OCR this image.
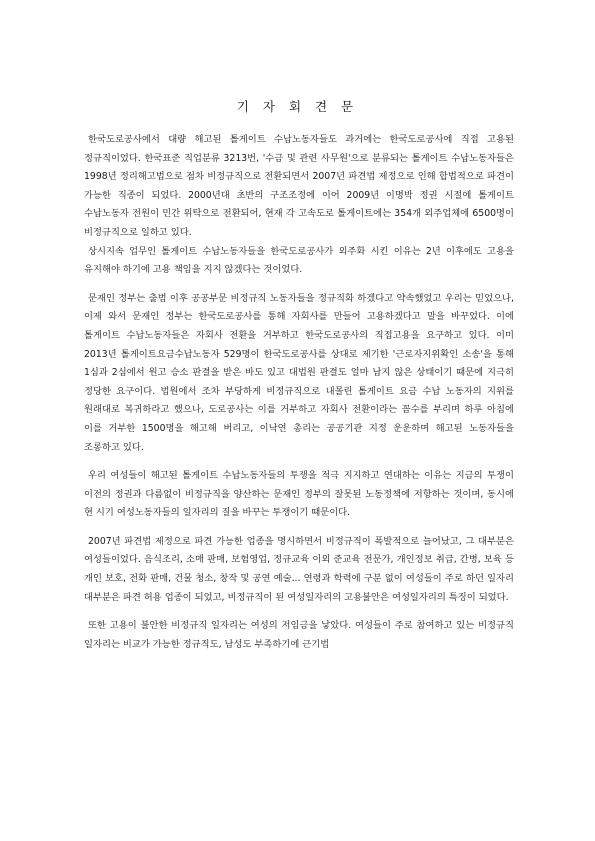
기 자 회 견 문

한국도로공사에서 대량 해고된 톨게이트 수납노동자들도 과거에는 한국도로공사에 직접 고용된 정규직이었다. 한국표준 직업분류 3213번, '수금 및 관련 사무원'으로 분류되는 톨게이트 수납노동자들은 1998년 정리해고법으로 점차 비정규직으로 전환되면서 2007년 파견법 제정으로 인해 합법적으로 파견이 가능한 직종이 되었다. 2000년대 초반의 구조조정에 이어 2009년 이명박 정권 시절에 톨게이트 수납노동자 전원이 민간 위탁으로 전환되어, 현재 각 고속도로 톨게이트에는 354개 외주업체에 6500명이 비정규직으로 일하고 있다.

상시지속 업무인 톨게이트 수납노동자들을 한국도로공사가 외주화 시킨 이유는 2년 이후에도 고용을 유지해야 하기에 고용 책임을 지지 않겠다는 것이었다.

문재인 정부는 출범 이후 공공부문 비정규직 노동자들을 정규직화 하겠다고 약속했었고 우리는 믿었으나, 이제 와서 문재인 정부는 한국도로공사를 통해 자회사를 만들어 고용하겠다고 말을 바꾸었다. 이에 톨게이트 수납노동자들은 자회사 전환을 거부하고 한국도로공사의 직접고용을 요구하고 있다. 이미 2013년 톨게이트요금수납노동자 529명이 한국도로공사를 상대로 제기한 '근로자지위확인 소송'을 통해 1심과 2심에서 원고 승소 판결을 받은 바도 있고 대법원 판결도 얼마 남지 않은 상태이기 때문에 지극히 정당한 요구이다. 법원에서 조차 부당하게 비정규직으로 내몰린 톨게이트 요금 수납 노동자의 지위를 원래대로 복귀하라고 했으나, 도로공사는 이를 거부하고 자회사 전환이라는 꼼수를 부리며 하루 아침에 이를 거부한 1500명을 해고해 버리고, 이낙연 총리는 공공기관 지정 운운하며 해고된 노동자들을 조롱하고 있다.

우리 여성들이 해고된 톨게이트 수납노동자들의 투쟁을 적극 지지하고 연대하는 이유는 지금의 투쟁이 이전의 정권과 다름없이 비정규직을 양산하는 문재인 정부의 잘못된 노동정책에 저항하는 것이며, 동시에 현 시기 여성노동자들의 일자리의 질을 바꾸는 투쟁이기 때문이다.

2007년 파견법 제정으로 파견 가능한 업종을 명시하면서 비정규직이 폭발적으로 늘어났고, 그 대부분은 여성들이었다. 음식조리, 소매 판매, 보험영업, 정규교육 이외 준교육 전문가, 개인정보 취급, 간병, 보육 등 개인 보호, 전화 판매, 건물 청소, 창작 및 공연 예술... 연령과 학력에 구분 없이 여성들이 주로 하던 일자리 대부분은 파견 허용 업종이 되었고, 비정규직이 된 여성일자리의 고용불안은 여성일자리의 특징이 되었다.

또한 고용이 불안한 비정규직 일자리는 여성의 저임금을 낳았다. 여성들이 주로 참여하고 있는 비정규직 일자리는 비교가 가능한 정규직도, 남성도 부족하기에 근기법
